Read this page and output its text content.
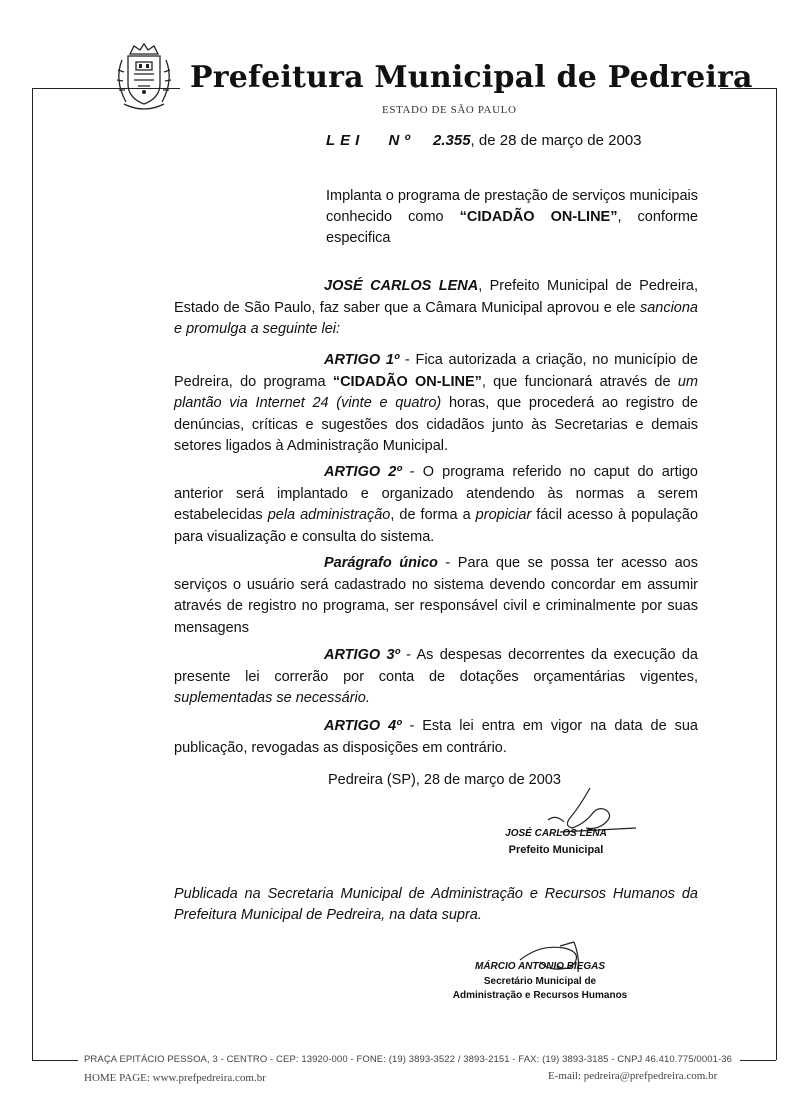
Prefeitura Municipal de Pedreira
ESTADO DE SÃO PAULO
LEI Nº 2.355, de 28 de março de 2003
Implanta o programa de prestação de serviços municipais conhecido como “CIDADÃO ON-LINE”, conforme especifica
JOSÉ CARLOS LENA, Prefeito Municipal de Pedreira, Estado de São Paulo, faz saber que a Câmara Municipal aprovou e ele sanciona e promulga a seguinte lei:
ARTIGO 1º - Fica autorizada a criação, no município de Pedreira, do programa “CIDADÃO ON-LINE”, que funcionará através de um plantão via Internet 24 (vinte e quatro) horas, que procederá ao registro de denúncias, críticas e sugestões dos cidadãos junto às Secretarias e demais setores ligados à Administração Municipal.
ARTIGO 2º - O programa referido no caput do artigo anterior será implantado e organizado atendendo às normas a serem estabelecidas pela administração, de forma a propiciar fácil acesso à população para visualização e consulta do sistema.
Parágrafo único - Para que se possa ter acesso aos serviços o usuário será cadastrado no sistema devendo concordar em assumir através de registro no programa, ser responsável civil e criminalmente por suas mensagens
ARTIGO 3º - As despesas decorrentes da execução da presente lei correrão por conta de dotações orçamentárias vigentes, suplementadas se necessário.
ARTIGO 4º - Esta lei entra em vigor na data de sua publicação, revogadas as disposições em contrário.
Pedreira (SP), 28 de março de 2003
JOSÉ CARLOS LENA
Prefeito Municipal
Publicada na Secretaria Municipal de Administração e Recursos Humanos da Prefeitura Municipal de Pedreira, na data supra.
MÁRCIO ANTONIO BIEGAS
Secretário Municipal de
Administração e Recursos Humanos
PRAÇA EPITÁCIO PESSOA, 3 - CENTRO - CEP: 13920-000 - FONE: (19) 3893-3522 / 3893-2151 - FAX: (19) 3893-3185 - CNPJ 46.410.775/0001-36
HOME PAGE: www.prefpedreira.com.br	E-mail: pedreira@prefpedreira.com.br
